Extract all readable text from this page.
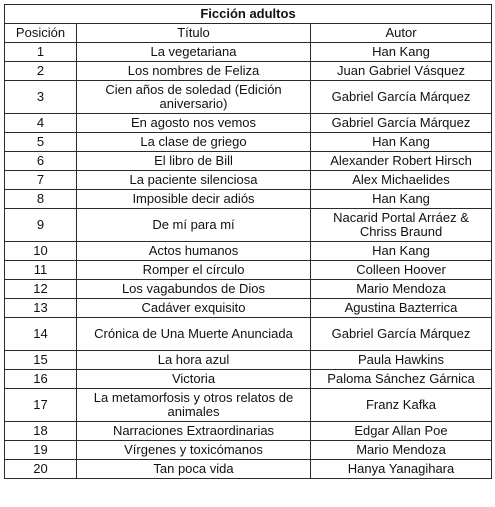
Ficción adultos		
Posición	Título	Autor
1	La vegetariana	Han Kang
2	Los nombres de Feliza	Juan Gabriel Vásquez
3	Cien años de soledad (Edición aniversario)	Gabriel García Márquez
4	En agosto nos vemos	Gabriel García Márquez
5	La clase de griego	Han Kang
6	El libro de Bill	Alexander Robert Hirsch
7	La paciente silenciosa	Alex Michaelides
8	Imposible decir adiós	Han Kang
9	De mí para mí	Nacarid Portal Arráez & Chriss Braund
10	Actos humanos	Han Kang
11	Romper el círculo	Colleen Hoover
12	Los vagabundos de Dios	Mario Mendoza
13	Cadáver exquisito	Agustina Bazterrica
14	Crónica de Una Muerte Anunciada	Gabriel García Márquez
15	La hora azul	Paula Hawkins
16	Victoria	Paloma Sánchez Gárnica
17	La metamorfosis y otros relatos de animales	Franz Kafka
18	Narraciones Extraordinarias	Edgar Allan Poe
19	Vírgenes y toxicómanos	Mario Mendoza
20	Tan poca vida	Hanya Yanagihara
